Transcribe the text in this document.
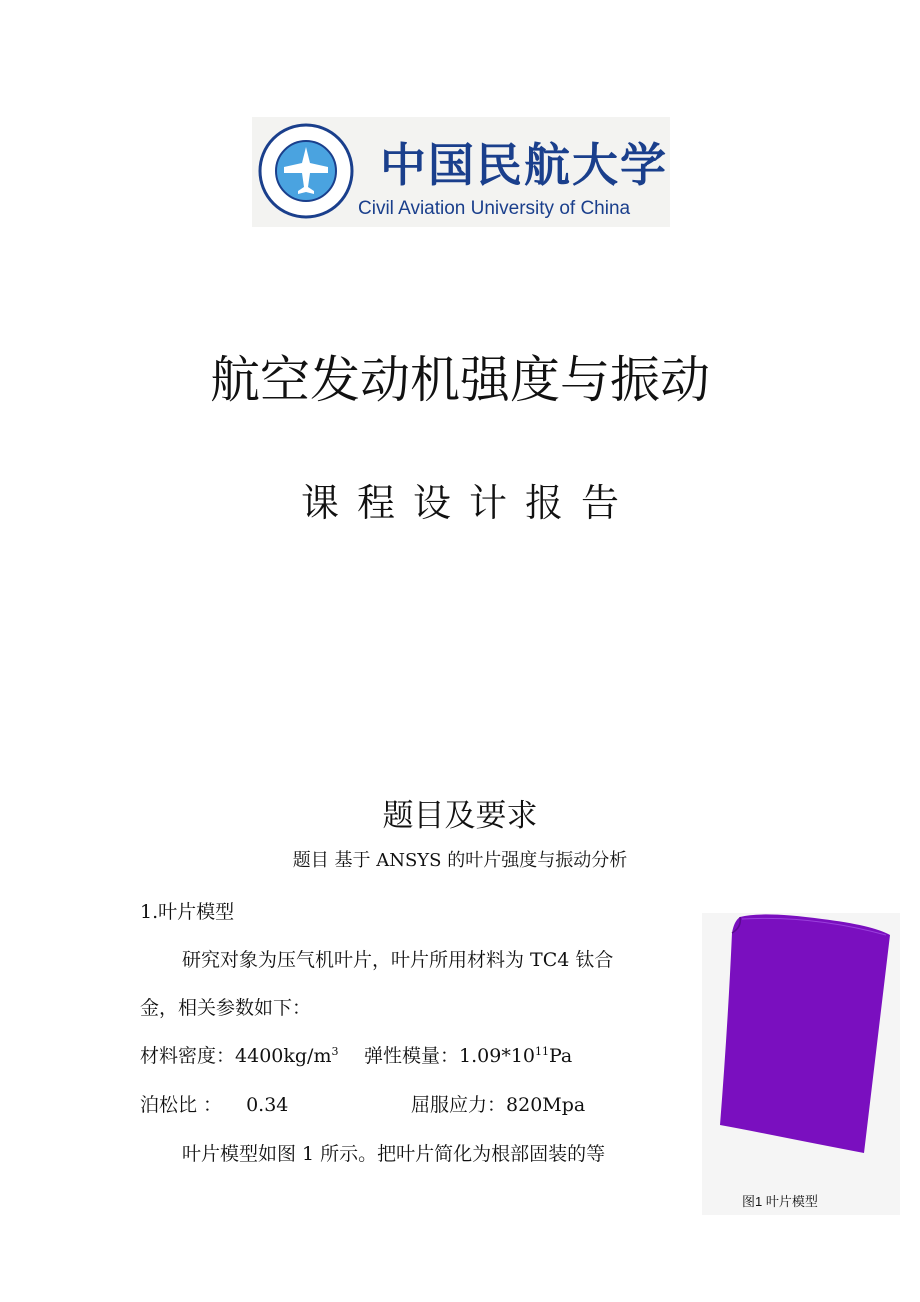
中国民航大学
Civil Aviation University of China
航空发动机强度与振动
课程设计报告
题目及要求
题目 基于 ANSYS 的叶片强度与振动分析
1.叶片模型
研究对象为压气机叶片，叶片所用材料为 TC4 钛合
金，相关参数如下：
材料密度：$4400kg/m^3$ 弹性模量：$1.09*10^{11}Pa$
泊松比 ： 0.34	屈服应力：820Mpa
叶片模型如图 1 所示。把叶片简化为根部固装的等
图1 叶片模型
